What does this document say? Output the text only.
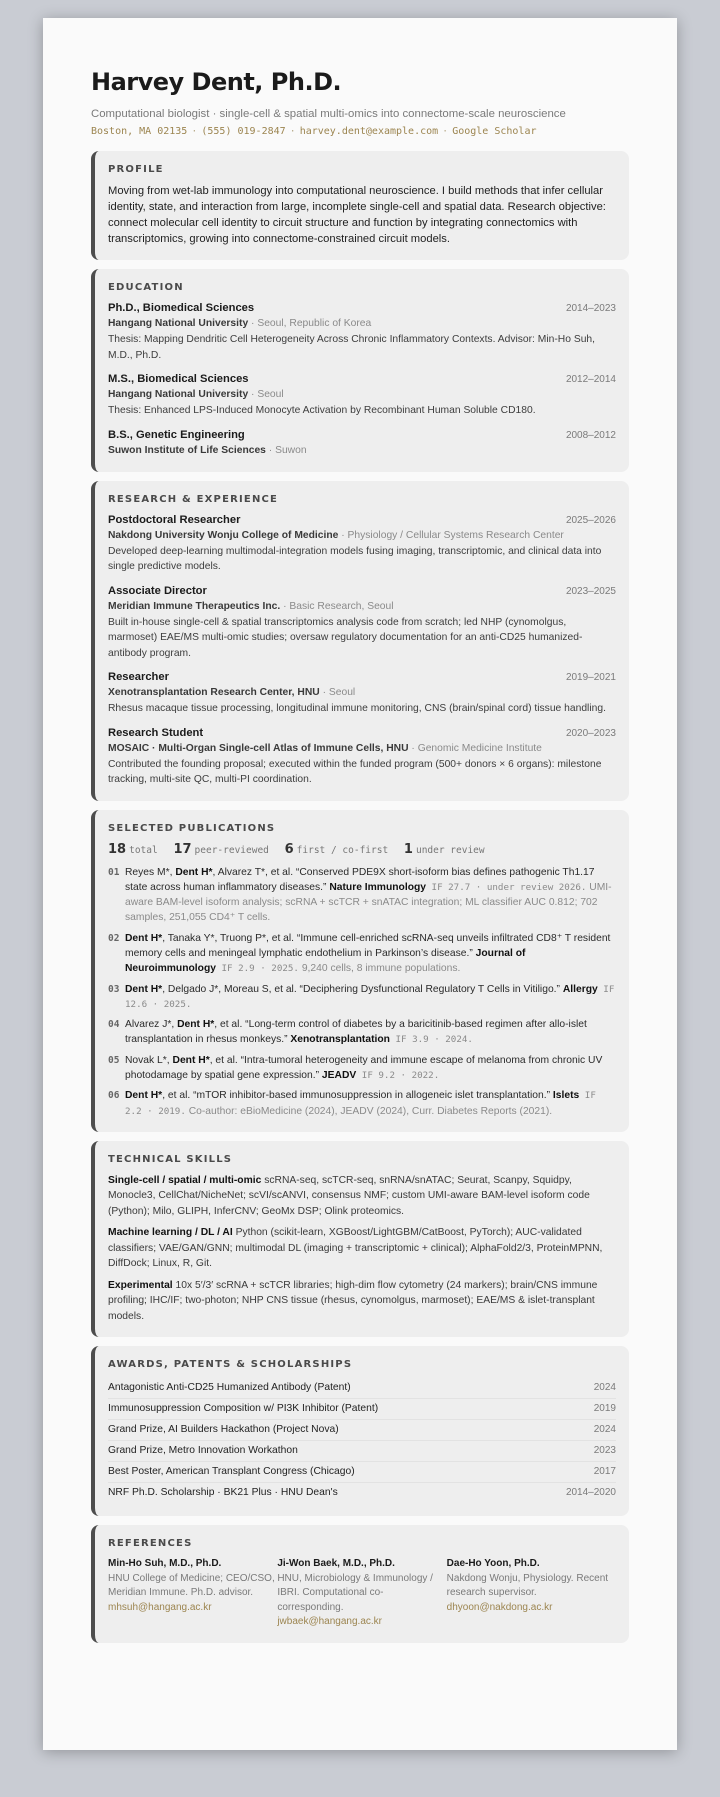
Harvey Dent, Ph.D.
Computational biologist · single-cell & spatial multi-omics into connectome-scale neuroscience
Boston, MA 02135 · (555) 019-2847 · harvey.dent@example.com · Google Scholar
PROFILE
Moving from wet-lab immunology into computational neuroscience. I build methods that infer cellular identity, state, and interaction from large, incomplete single-cell and spatial data. Research objective: connect molecular cell identity to circuit structure and function by integrating connectomics with transcriptomics, growing into connectome-constrained circuit models.
EDUCATION
Ph.D., Biomedical Sciences	2014–2023
Hangang National University · Seoul, Republic of Korea
Thesis: Mapping Dendritic Cell Heterogeneity Across Chronic Inflammatory Contexts. Advisor: Min-Ho Suh, M.D., Ph.D.
M.S., Biomedical Sciences	2012–2014
Hangang National University · Seoul
Thesis: Enhanced LPS-Induced Monocyte Activation by Recombinant Human Soluble CD180.
B.S., Genetic Engineering	2008–2012
Suwon Institute of Life Sciences · Suwon
RESEARCH & EXPERIENCE
Postdoctoral Researcher	2025–2026
Nakdong University Wonju College of Medicine · Physiology / Cellular Systems Research Center
Developed deep-learning multimodal-integration models fusing imaging, transcriptomic, and clinical data into single predictive models.
Associate Director	2023–2025
Meridian Immune Therapeutics Inc. · Basic Research, Seoul
Built in-house single-cell & spatial transcriptomics analysis code from scratch; led NHP (cynomolgus, marmoset) EAE/MS multi-omic studies; oversaw regulatory documentation for an anti-CD25 humanized-antibody program.
Researcher	2019–2021
Xenotransplantation Research Center, HNU · Seoul
Rhesus macaque tissue processing, longitudinal immune monitoring, CNS (brain/spinal cord) tissue handling.
Research Student	2020–2023
MOSAIC · Multi-Organ Single-cell Atlas of Immune Cells, HNU · Genomic Medicine Institute
Contributed the founding proposal; executed within the funded program (500+ donors × 6 organs): milestone tracking, multi-site QC, multi-PI coordination.
SELECTED PUBLICATIONS
18 total 17 peer-reviewed 6 first / co-first 1 under review
01 Reyes M*, Dent H*, Alvarez T*, et al. “Conserved PDE9X short-isoform bias defines pathogenic Th1.17 state across human inflammatory diseases.” Nature Immunology IF 27.7 · under review 2026. UMI-aware BAM-level isoform analysis; scRNA + scTCR + snATAC integration; ML classifier AUC 0.812; 702 samples, 251,055 CD4⁺ T cells.
02 Dent H*, Tanaka Y*, Truong P*, et al. “Immune cell-enriched scRNA-seq unveils infiltrated CD8⁺ T resident memory cells and meningeal lymphatic endothelium in Parkinson’s disease.” Journal of Neuroimmunology IF 2.9 · 2025. 9,240 cells, 8 immune populations.
03 Dent H*, Delgado J*, Moreau S, et al. “Deciphering Dysfunctional Regulatory T Cells in Vitiligo.” Allergy IF 12.6 · 2025.
04 Alvarez J*, Dent H*, et al. “Long-term control of diabetes by a baricitinib-based regimen after allo-islet transplantation in rhesus monkeys.” Xenotransplantation IF 3.9 · 2024.
05 Novak L*, Dent H*, et al. “Intra-tumoral heterogeneity and immune escape of melanoma from chronic UV photodamage by spatial gene expression.” JEADV IF 9.2 · 2022.
06 Dent H*, et al. “mTOR inhibitor-based immunosuppression in allogeneic islet transplantation.” Islets IF 2.2 · 2019. Co-author: eBioMedicine (2024), JEADV (2024), Curr. Diabetes Reports (2021).
TECHNICAL SKILLS
Single-cell / spatial / multi-omic scRNA-seq, scTCR-seq, snRNA/snATAC; Seurat, Scanpy, Squidpy, Monocle3, CellChat/NicheNet; scVI/scANVI, consensus NMF; custom UMI-aware BAM-level isoform code (Python); Milo, GLIPH, InferCNV; GeoMx DSP; Olink proteomics.
Machine learning / DL / AI Python (scikit-learn, XGBoost/LightGBM/CatBoost, PyTorch); AUC-validated classifiers; VAE/GAN/GNN; multimodal DL (imaging + transcriptomic + clinical); AlphaFold2/3, ProteinMPNN, DiffDock; Linux, R, Git.
Experimental 10x 5′/3′ scRNA + scTCR libraries; high-dim flow cytometry (24 markers); brain/CNS immune profiling; IHC/IF; two-photon; NHP CNS tissue (rhesus, cynomolgus, marmoset); EAE/MS & islet-transplant models.
AWARDS, PATENTS & SCHOLARSHIPS
Antagonistic Anti-CD25 Humanized Antibody (Patent)	2024
Immunosuppression Composition w/ PI3K Inhibitor (Patent)	2019
Grand Prize, AI Builders Hackathon (Project Nova)	2024
Grand Prize, Metro Innovation Workathon	2023
Best Poster, American Transplant Congress (Chicago)	2017
NRF Ph.D. Scholarship · BK21 Plus · HNU Dean's	2014–2020
REFERENCES
Min-Ho Suh, M.D., Ph.D.
HNU College of Medicine; CEO/CSO, Meridian Immune. Ph.D. advisor.
mhsuh@hangang.ac.kr
Ji-Won Baek, M.D., Ph.D.
HNU, Microbiology & Immunology / IBRI. Computational co-corresponding.
jwbaek@hangang.ac.kr
Dae-Ho Yoon, Ph.D.
Nakdong Wonju, Physiology. Recent research supervisor.
dhyoon@nakdong.ac.kr
